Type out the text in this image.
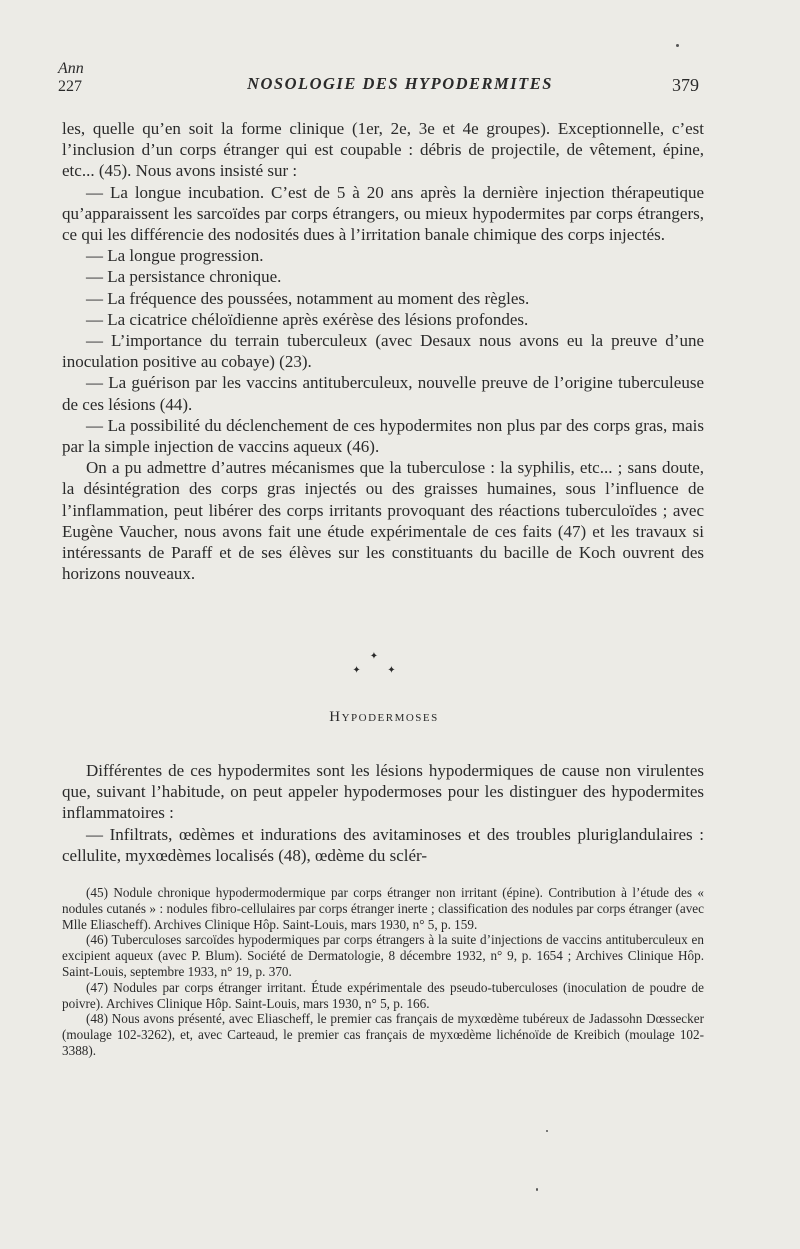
Ann
227	NOSOLOGIE DES HYPODERMITES	379

les, quelle qu’en soit la forme clinique (1er, 2e, 3e et 4e groupes). Exceptionnelle, c’est l’inclusion d’un corps étranger qui est coupable : débris de projectile, de vêtement, épine, etc... (45). Nous avons insisté sur :

— La longue incubation. C’est de 5 à 20 ans après la dernière injection thérapeutique qu’apparaissent les sarcoïdes par corps étrangers, ou mieux hypodermites par corps étrangers, ce qui les différencie des nodosités dues à l’irritation banale chimique des corps injectés.

— La longue progression.

— La persistance chronique.

— La fréquence des poussées, notamment au moment des règles.

— La cicatrice chéloïdienne après exérèse des lésions profondes.

— L’importance du terrain tuberculeux (avec Desaux nous avons eu la preuve d’une inoculation positive au cobaye) (23).

— La guérison par les vaccins antituberculeux, nouvelle preuve de l’origine tuberculeuse de ces lésions (44).

— La possibilité du déclenchement de ces hypodermites non plus par des corps gras, mais par la simple injection de vaccins aqueux (46).

On a pu admettre d’autres mécanismes que la tuberculose : la syphilis, etc... ; sans doute, la désintégration des corps gras injectés ou des graisses humaines, sous l’influence de l’inflammation, peut libérer des corps irritants provoquant des réactions tuberculoïdes ; avec Eugène Vaucher, nous avons fait une étude expérimentale de ces faits (47) et les travaux si intéressants de Paraff et de ses élèves sur les constituants du bacille de Koch ouvrent des horizons nouveaux.

✦
✦ ✦
Hypodermoses

Différentes de ces hypodermites sont les lésions hypodermiques de cause non virulentes que, suivant l’habitude, on peut appeler hypodermoses pour les distinguer des hypodermites inflammatoires :

— Infiltrats, œdèmes et indurations des avitaminoses et des troubles pluriglandulaires : cellulite, myxœdèmes localisés (48), œdème du sclér-

(45) Nodule chronique hypodermodermique par corps étranger non irritant (épine). Contribution à l’étude des « nodules cutanés » : nodules fibro-cellulaires par corps étranger inerte ; classification des nodules par corps étranger (avec Mlle Eliascheff). Archives Clinique Hôp. Saint-Louis, mars 1930, n° 5, p. 159.

(46) Tuberculoses sarcoïdes hypodermiques par corps étrangers à la suite d’injections de vaccins antituberculeux en excipient aqueux (avec P. Blum). Société de Dermatologie, 8 décembre 1932, n° 9, p. 1654 ; Archives Clinique Hôp. Saint-Louis, septembre 1933, n° 19, p. 370.

(47) Nodules par corps étranger irritant. Étude expérimentale des pseudo-tuberculoses (inoculation de poudre de poivre). Archives Clinique Hôp. Saint-Louis, mars 1930, n° 5, p. 166.

(48) Nous avons présenté, avec Eliascheff, le premier cas français de myxœdème tubéreux de Jadassohn Dœssecker (moulage 102-3262), et, avec Carteaud, le premier cas français de myxœdème lichénoïde de Kreibich (moulage 102-3388).
